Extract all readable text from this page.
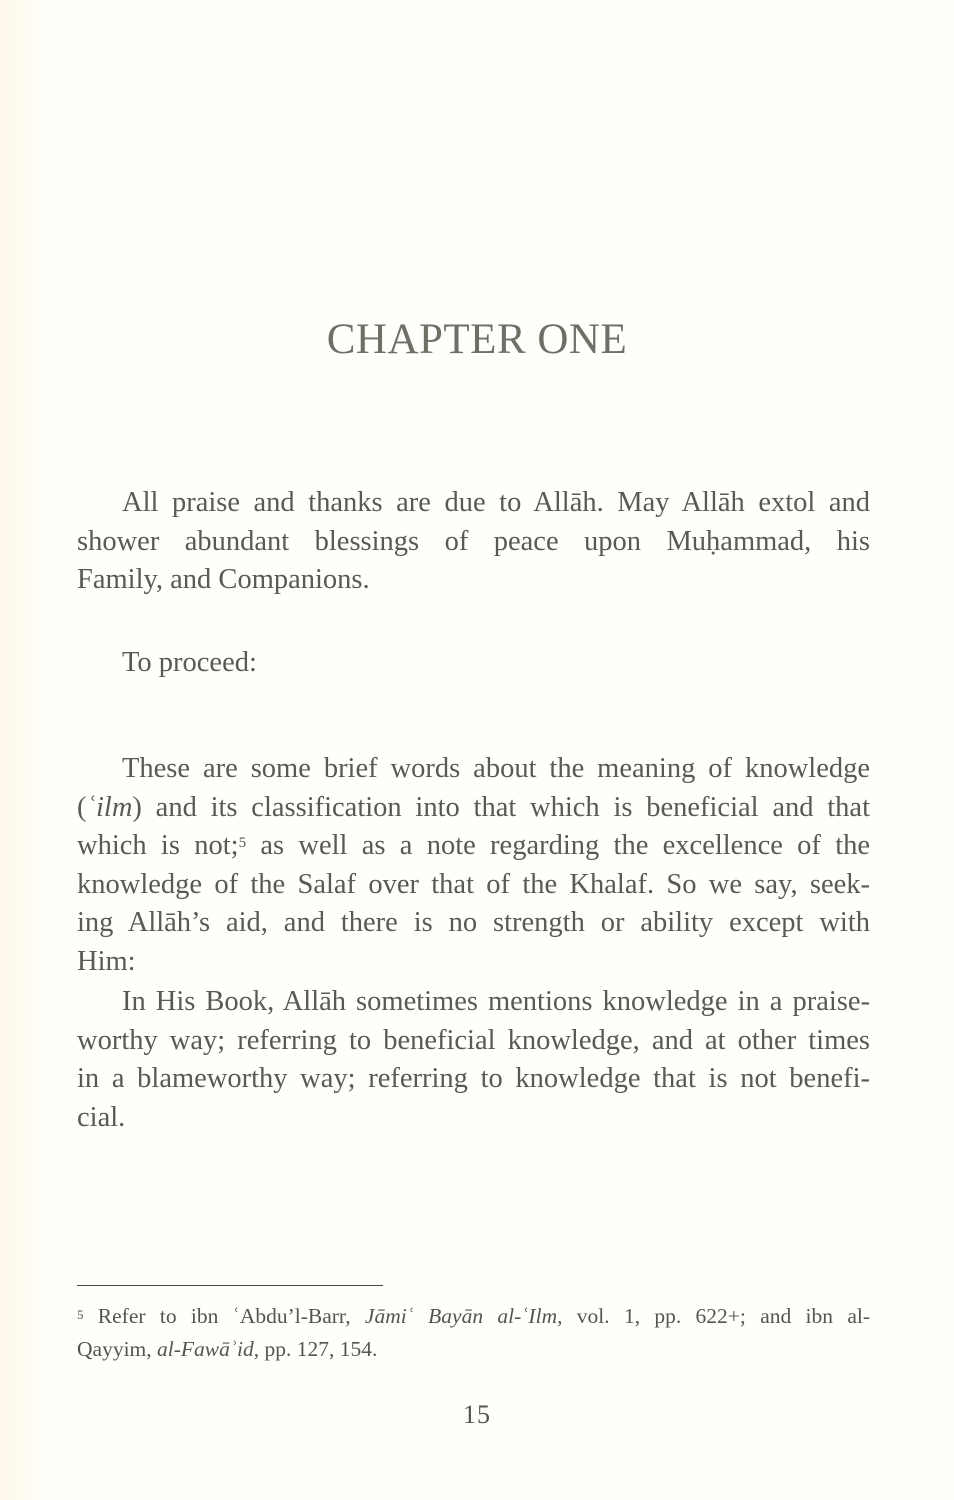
CHAPTER ONE
All praise and thanks are due to Allāh. May Allāh extol and
shower abundant blessings of peace upon Muḥammad, his
Family, and Companions.
To proceed:
These are some brief words about the meaning of knowledge
(ʿilm) and its classification into that which is beneficial and that
which is not;$^5$ as well as a note regarding the excellence of the
knowledge of the Salaf over that of the Khalaf. So we say, seek-
ing Allāh’s aid, and there is no strength or ability except with
Him:
In His Book, Allāh sometimes mentions knowledge in a praise-
worthy way; referring to beneficial knowledge, and at other times
in a blameworthy way; referring to knowledge that is not benefi-
cial.
$^5$ Refer to ibn ʿAbdu’l-Barr, Jāmiʿ Bayān al-ʿIlm, vol. 1, pp. 622+; and ibn al-
Qayyim, al-Fawāʾid, pp. 127, 154.
15
